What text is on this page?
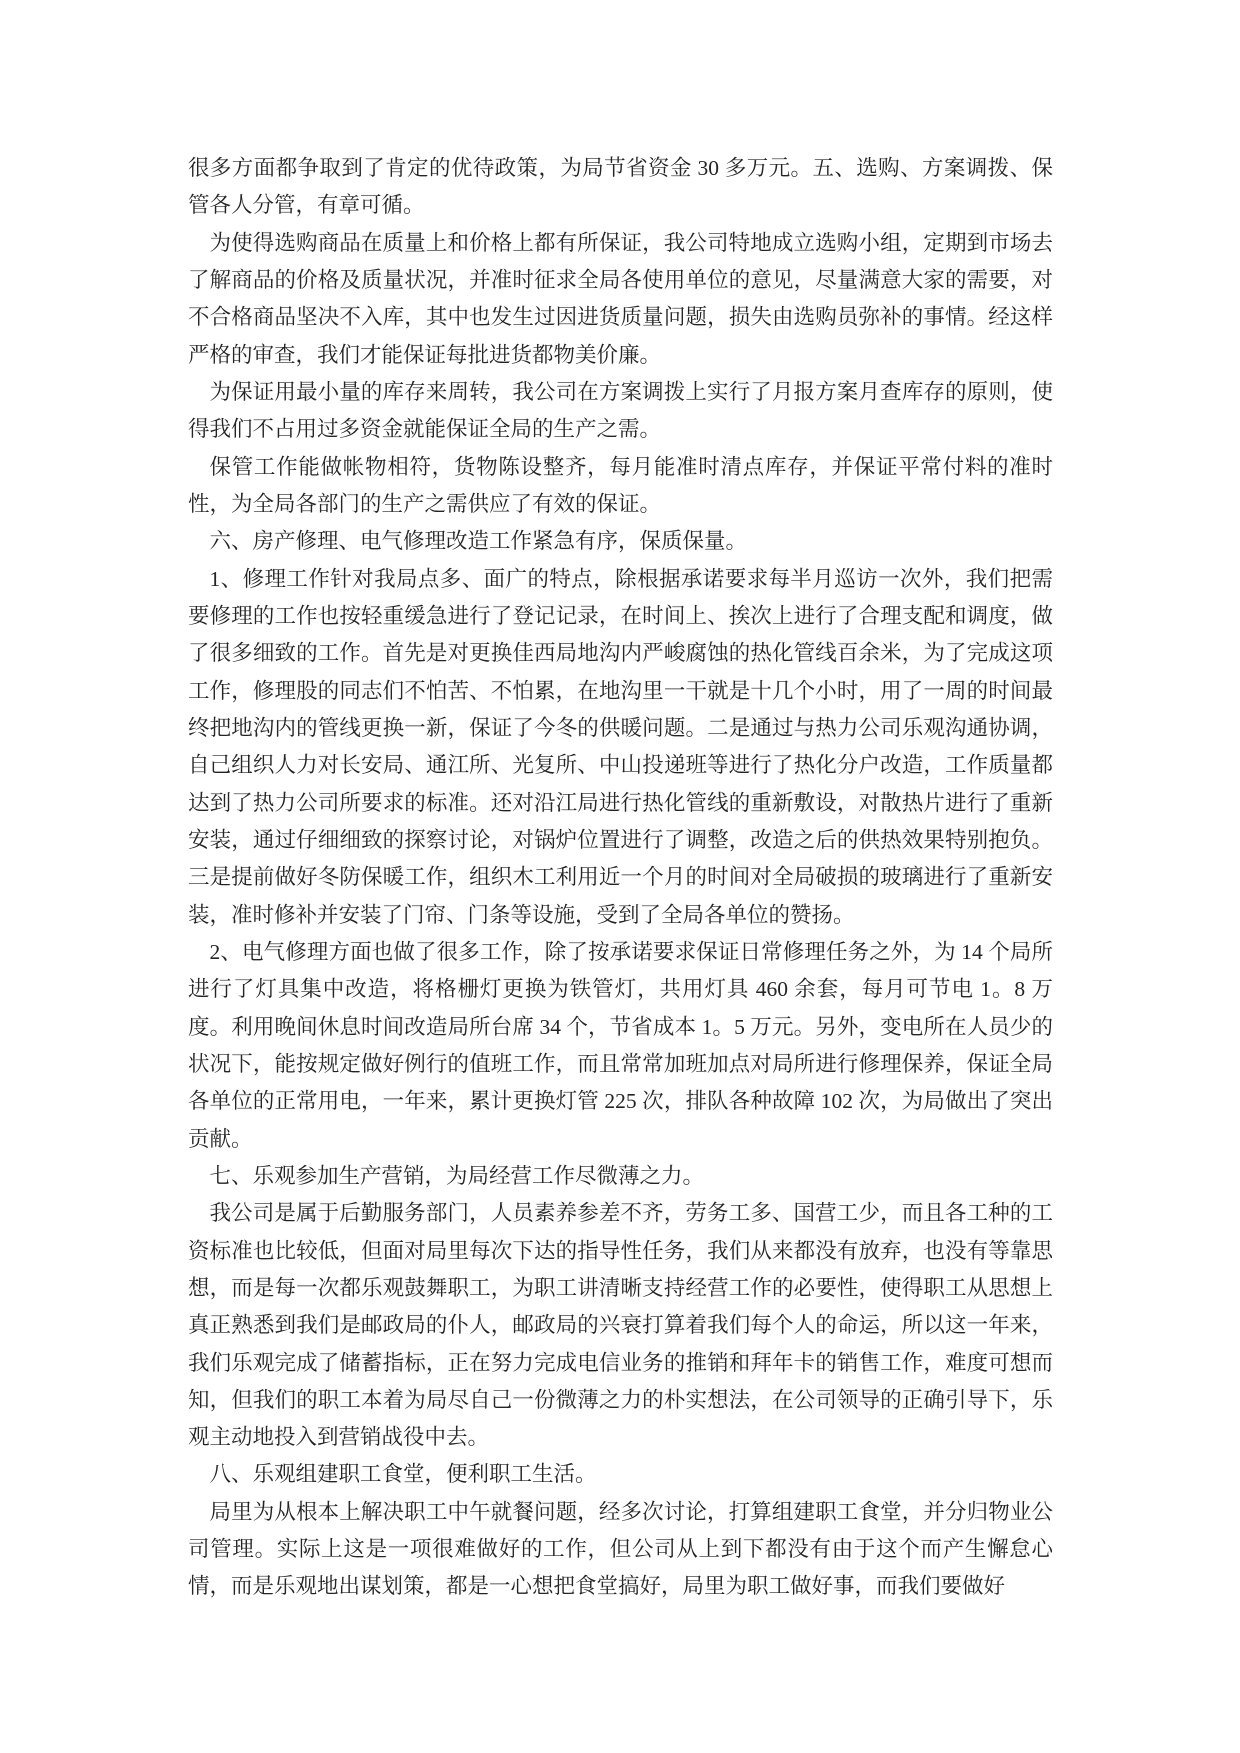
很多方面都争取到了肯定的优待政策，为局节省资金 30 多万元。五、选购、方案调拨、保管各人分管，有章可循。

为使得选购商品在质量上和价格上都有所保证，我公司特地成立选购小组，定期到市场去了解商品的价格及质量状况，并准时征求全局各使用单位的意见，尽量满意大家的需要，对不合格商品坚决不入库，其中也发生过因进货质量问题，损失由选购员弥补的事情。经这样严格的审查，我们才能保证每批进货都物美价廉。

为保证用最小量的库存来周转，我公司在方案调拨上实行了月报方案月查库存的原则，使得我们不占用过多资金就能保证全局的生产之需。

保管工作能做帐物相符，货物陈设整齐，每月能准时清点库存，并保证平常付料的准时性，为全局各部门的生产之需供应了有效的保证。

六、房产修理、电气修理改造工作紧急有序，保质保量。

1、修理工作针对我局点多、面广的特点，除根据承诺要求每半月巡访一次外，我们把需要修理的工作也按轻重缓急进行了登记记录，在时间上、挨次上进行了合理支配和调度，做了很多细致的工作。首先是对更换佳西局地沟内严峻腐蚀的热化管线百余米，为了完成这项工作，修理股的同志们不怕苦、不怕累，在地沟里一干就是十几个小时，用了一周的时间最终把地沟内的管线更换一新，保证了今冬的供暖问题。二是通过与热力公司乐观沟通协调，自己组织人力对长安局、通江所、光复所、中山投递班等进行了热化分户改造，工作质量都达到了热力公司所要求的标准。还对沿江局进行热化管线的重新敷设，对散热片进行了重新安装，通过仔细细致的探察讨论，对锅炉位置进行了调整，改造之后的供热效果特别抱负。三是提前做好冬防保暖工作，组织木工利用近一个月的时间对全局破损的玻璃进行了重新安装，准时修补并安装了门帘、门条等设施，受到了全局各单位的赞扬。

2、电气修理方面也做了很多工作，除了按承诺要求保证日常修理任务之外，为 14 个局所进行了灯具集中改造，将格栅灯更换为铁管灯，共用灯具 460 余套，每月可节电 1。8 万度。利用晚间休息时间改造局所台席 34 个，节省成本 1。5 万元。另外，变电所在人员少的状况下，能按规定做好例行的值班工作，而且常常加班加点对局所进行修理保养，保证全局各单位的正常用电，一年来，累计更换灯管 225 次，排队各种故障 102 次，为局做出了突出贡献。

七、乐观参加生产营销，为局经营工作尽微薄之力。

我公司是属于后勤服务部门，人员素养参差不齐，劳务工多、国营工少，而且各工种的工资标准也比较低，但面对局里每次下达的指导性任务，我们从来都没有放弃，也没有等靠思想，而是每一次都乐观鼓舞职工，为职工讲清晰支持经营工作的必要性，使得职工从思想上真正熟悉到我们是邮政局的仆人，邮政局的兴衰打算着我们每个人的命运，所以这一年来，我们乐观完成了储蓄指标，正在努力完成电信业务的推销和拜年卡的销售工作，难度可想而知，但我们的职工本着为局尽自己一份微薄之力的朴实想法，在公司领导的正确引导下，乐观主动地投入到营销战役中去。

八、乐观组建职工食堂，便利职工生活。

局里为从根本上解决职工中午就餐问题，经多次讨论，打算组建职工食堂，并分归物业公司管理。实际上这是一项很难做好的工作，但公司从上到下都没有由于这个而产生懈怠心情，而是乐观地出谋划策，都是一心想把食堂搞好，局里为职工做好事，而我们要做好
